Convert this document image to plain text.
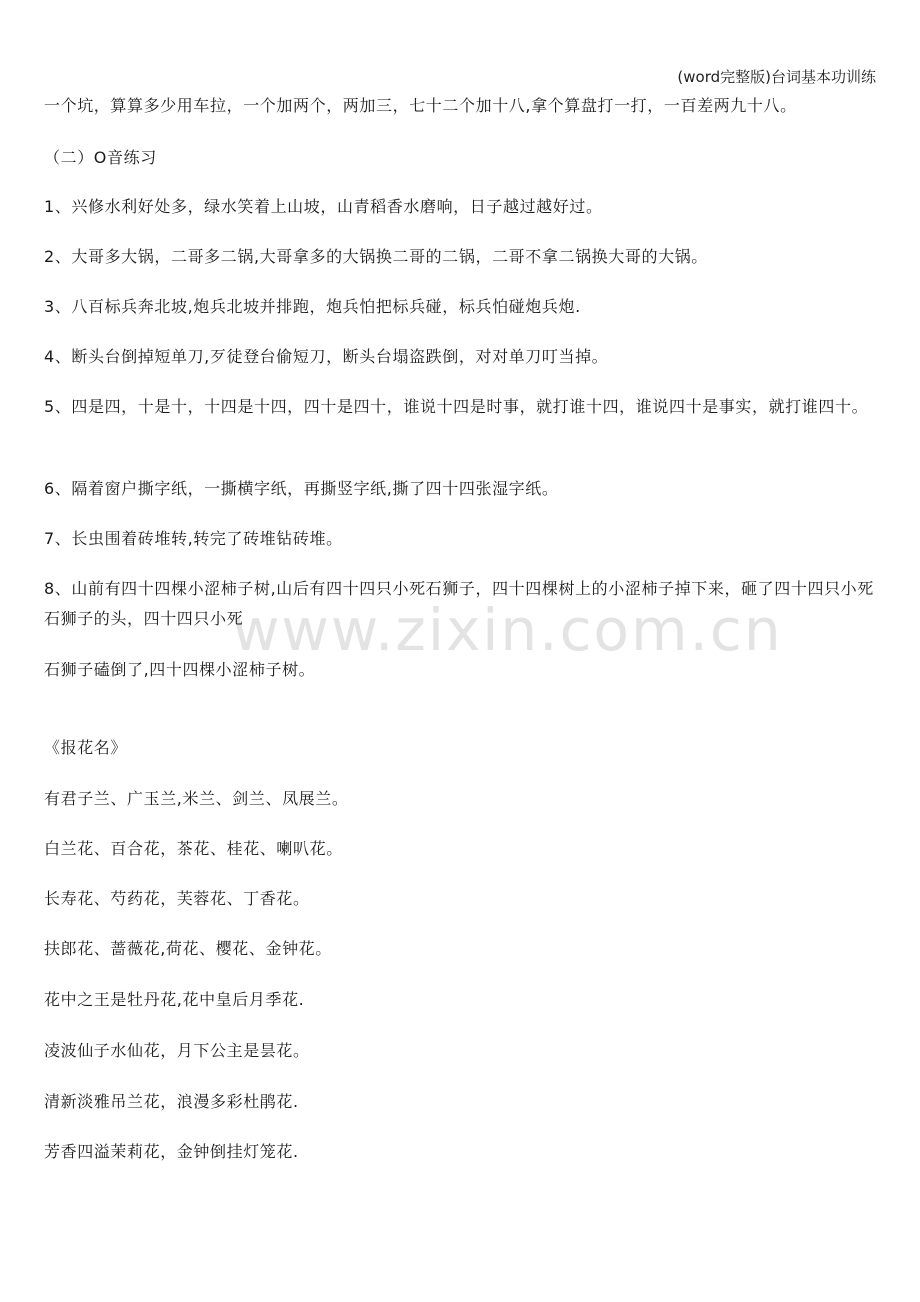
(word完整版)台词基本功训练
www.zixin.com.cn
一个坑，算算多少用车拉，一个加两个，两加三，七十二个加十八,拿个算盘打一打，一百差两九十八。
（二）O音练习
1、兴修水利好处多，绿水笑着上山坡，山青稻香水磨响，日子越过越好过。
2、大哥多大锅，二哥多二锅,大哥拿多的大锅换二哥的二锅，二哥不拿二锅换大哥的大锅。
3、八百标兵奔北坡,炮兵北坡并排跑，炮兵怕把标兵碰，标兵怕碰炮兵炮.
4、断头台倒掉短单刀,歹徒登台偷短刀，断头台塌盗跌倒，对对单刀叮当掉。
5、四是四，十是十，十四是十四，四十是四十，谁说十四是时事，就打谁十四，谁说四十是事实，就打谁四十。
6、隔着窗户撕字纸，一撕横字纸，再撕竖字纸,撕了四十四张湿字纸。
7、长虫围着砖堆转,转完了砖堆钻砖堆。
8、山前有四十四棵小涩柿子树,山后有四十四只小死石狮子，四十四棵树上的小涩柿子掉下来，砸了四十四只小死石狮子的头，四十四只小死
石狮子磕倒了,四十四棵小涩柿子树。
《报花名》
有君子兰、广玉兰,米兰、剑兰、凤展兰。
白兰花、百合花，茶花、桂花、喇叭花。
长寿花、芍药花，芙蓉花、丁香花。
扶郎花、蔷薇花,荷花、樱花、金钟花。
花中之王是牡丹花,花中皇后月季花.
凌波仙子水仙花，月下公主是昙花。
清新淡雅吊兰花，浪漫多彩杜鹃花.
芳香四溢茉莉花，金钟倒挂灯笼花.
